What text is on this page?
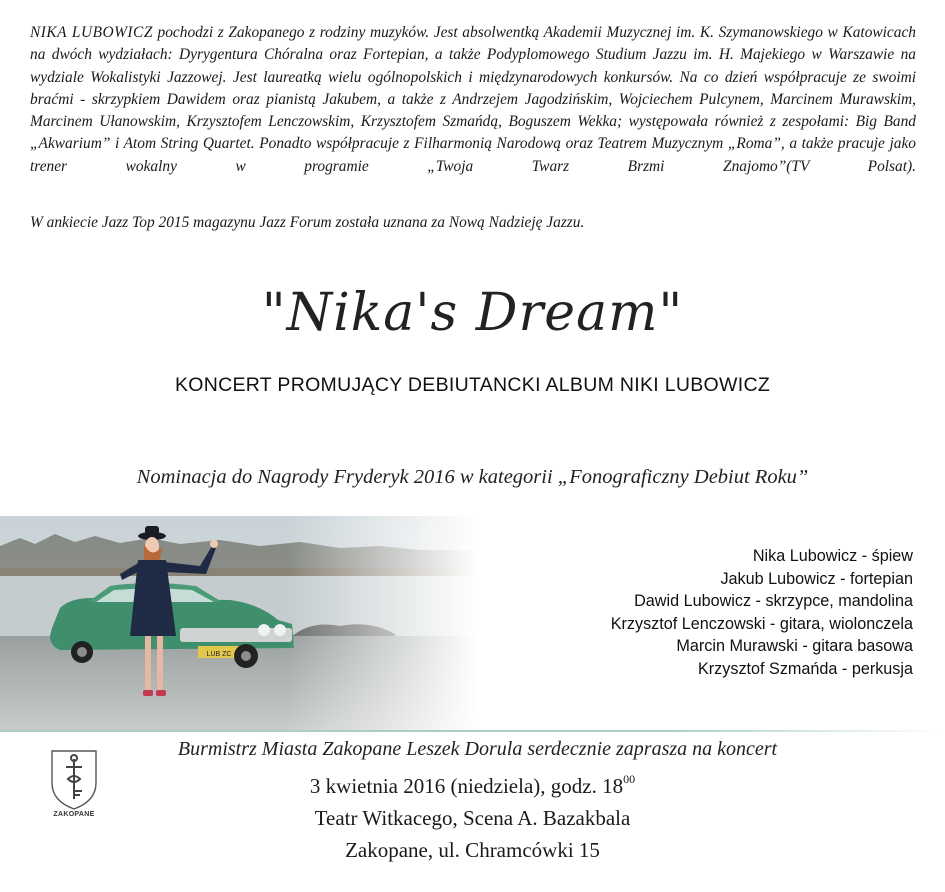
NIKA LUBOWICZ pochodzi z Zakopanego z rodziny muzyków. Jest absolwentką Akademii Muzycznej im. K. Szymanowskiego w Katowicach na dwóch wydziałach: Dyrygentura Chóralna oraz Fortepian, a także Podyplomowego Studium Jazzu im. H. Majekiego w Warszawie na wydziale Wokalistyki Jazzowej. Jest laureatką wielu ogólnopolskich i międzynarodowych konkursów. Na co dzień współpracuje ze swoimi braćmi - skrzypkiem Dawidem oraz pianistą Jakubem, a także z Andrzejem Jagodzińskim, Wojciechem Pulcynem, Marcinem Murawskim, Marcinem Ułanowskim, Krzysztofem Lenczowskim, Krzysztofem Szmańdą, Boguszem Wekka; występowała również z zespołami: Big Band „Akwarium” i Atom String Quartet. Ponadto współpracuje z Filharmonią Narodową oraz Teatrem Muzycznym „Roma”, a także pracuje jako trener wokalny w programie „Twoja Twarz Brzmi Znajomo”(TV Polsat).

W ankiecie Jazz Top 2015 magazynu Jazz Forum została uznana za Nową Nadzieję Jazzu.

"Nika's Dream"
KONCERT PROMUJĄCY DEBIUTANCKI ALBUM NIKI LUBOWICZ
Nominacja do Nagrody Fryderyk 2016 w kategorii „Fonograficzny Debiut Roku”
Nika Lubowicz - śpiew
Jakub Lubowicz - fortepian
Dawid Lubowicz - skrzypce, mandolina
Krzysztof Lenczowski - gitara, wiolonczela
Marcin Murawski - gitara basowa
Krzysztof Szmańda - perkusja
Burmistrz Miasta Zakopane Leszek Dorula serdecznie zaprasza na koncert
ZAKOPANE
3 kwietnia 2016 (niedziela), godz. $18^{00}$
Teatr Witkacego, Scena A. Bazakbala
Zakopane, ul. Chramcówki 15
